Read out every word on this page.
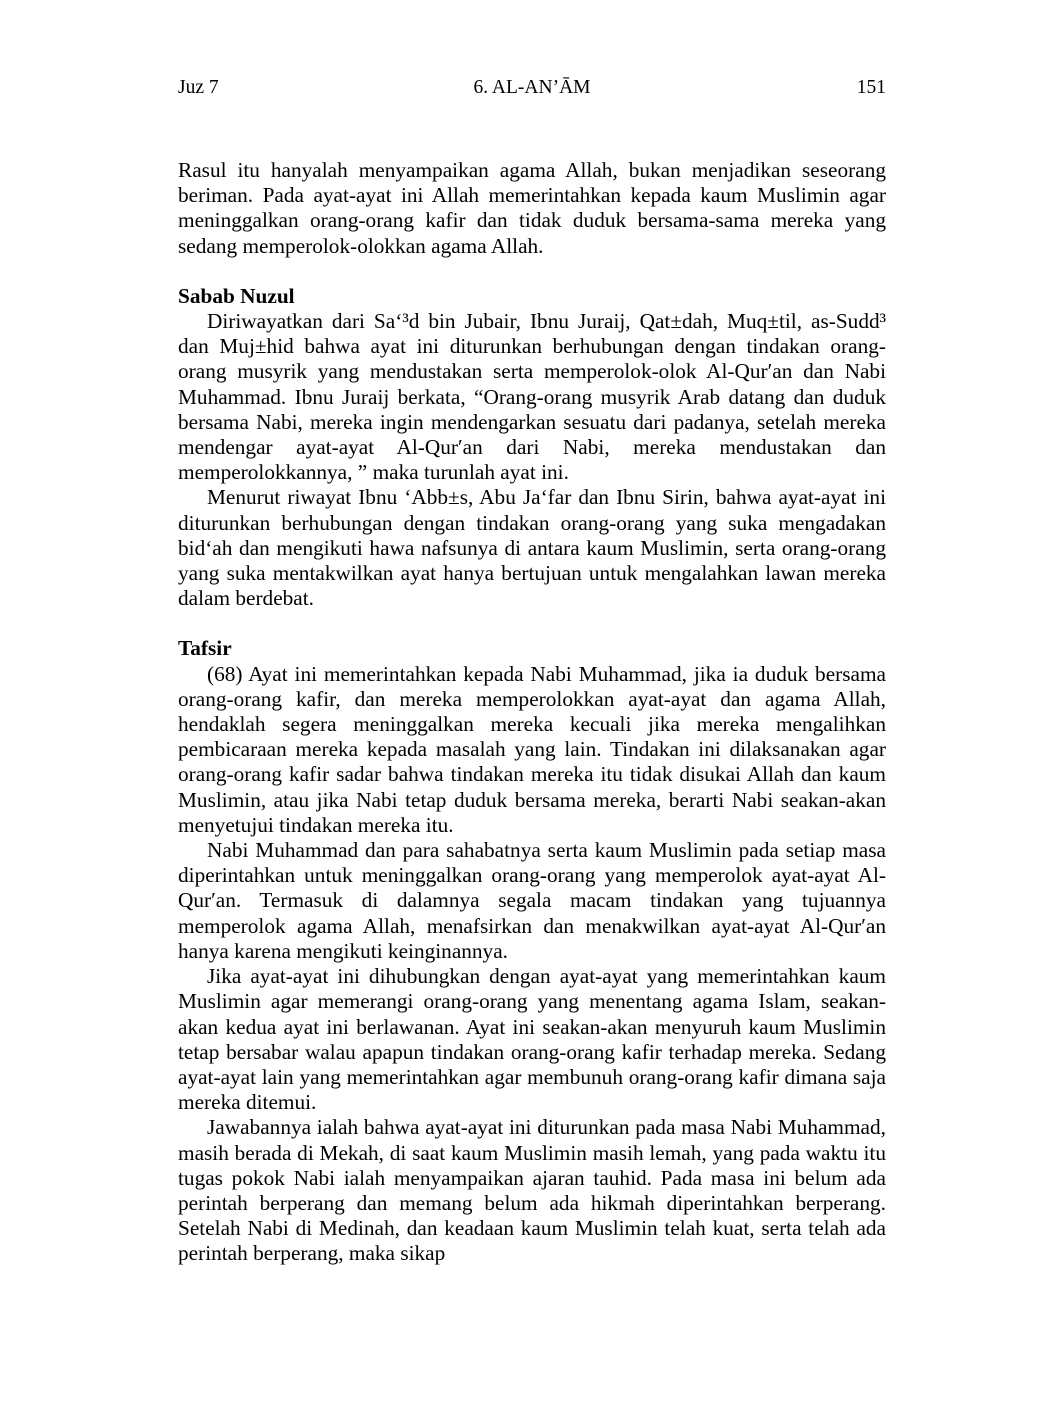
Juz 7	6. AL-AN’ĀM	151

Rasul itu hanyalah menyampaikan agama Allah, bukan menjadikan seseorang beriman. Pada ayat-ayat ini Allah memerintahkan kepada kaum Muslimin agar meninggalkan orang-orang kafir dan tidak duduk bersama-sama mereka yang sedang memperolok-olokkan agama Allah.

Sabab Nuzul

Diriwayatkan dari Sa‘³d bin Jubair, Ibnu Juraij, Qat±dah, Muq±til, as-Sudd³ dan Muj±hid bahwa ayat ini diturunkan berhubungan dengan tindakan orang-orang musyrik yang mendustakan serta memperolok-olok Al-Qur′an dan Nabi Muhammad. Ibnu Juraij berkata, “Orang-orang musyrik Arab datang dan duduk bersama Nabi, mereka ingin mendengarkan sesuatu dari padanya, setelah mereka mendengar ayat-ayat Al-Qur′an dari Nabi, mereka mendustakan dan memperolokkannya, ” maka turunlah ayat ini.

Menurut riwayat Ibnu ‘Abb±s, Abu Ja‘far dan Ibnu Sirin, bahwa ayat-ayat ini diturunkan berhubungan dengan tindakan orang-orang yang suka mengadakan bid‘ah dan mengikuti hawa nafsunya di antara kaum Muslimin, serta orang-orang yang suka mentakwilkan ayat hanya bertujuan untuk mengalahkan lawan mereka dalam berdebat.

Tafsir

(68) Ayat ini memerintahkan kepada Nabi Muhammad, jika ia duduk bersama orang-orang kafir, dan mereka memperolokkan ayat-ayat dan agama Allah, hendaklah segera meninggalkan mereka kecuali jika mereka mengalihkan pembicaraan mereka kepada masalah yang lain. Tindakan ini dilaksanakan agar orang-orang kafir sadar bahwa tindakan mereka itu tidak disukai Allah dan kaum Muslimin, atau jika Nabi tetap duduk bersama mereka, berarti Nabi seakan-akan menyetujui tindakan mereka itu.

Nabi Muhammad dan para sahabatnya serta kaum Muslimin pada setiap masa diperintahkan untuk meninggalkan orang-orang yang memperolok ayat-ayat Al-Qur′an. Termasuk di dalamnya segala macam tindakan yang tujuannya memperolok agama Allah, menafsirkan dan menakwilkan ayat-ayat Al-Qur′an hanya karena mengikuti keinginannya.

Jika ayat-ayat ini dihubungkan dengan ayat-ayat yang memerintahkan kaum Muslimin agar memerangi orang-orang yang menentang agama Islam, seakan-akan kedua ayat ini berlawanan. Ayat ini seakan-akan menyuruh kaum Muslimin tetap bersabar walau apapun tindakan orang-orang kafir terhadap mereka. Sedang ayat-ayat lain yang memerintahkan agar membunuh orang-orang kafir dimana saja mereka ditemui.

Jawabannya ialah bahwa ayat-ayat ini diturunkan pada masa Nabi Muhammad, masih berada di Mekah, di saat kaum Muslimin masih lemah, yang pada waktu itu tugas pokok Nabi ialah menyampaikan ajaran tauhid. Pada masa ini belum ada perintah berperang dan memang belum ada hikmah diperintahkan berperang. Setelah Nabi di Medinah, dan keadaan kaum Muslimin telah kuat, serta telah ada perintah berperang, maka sikap
